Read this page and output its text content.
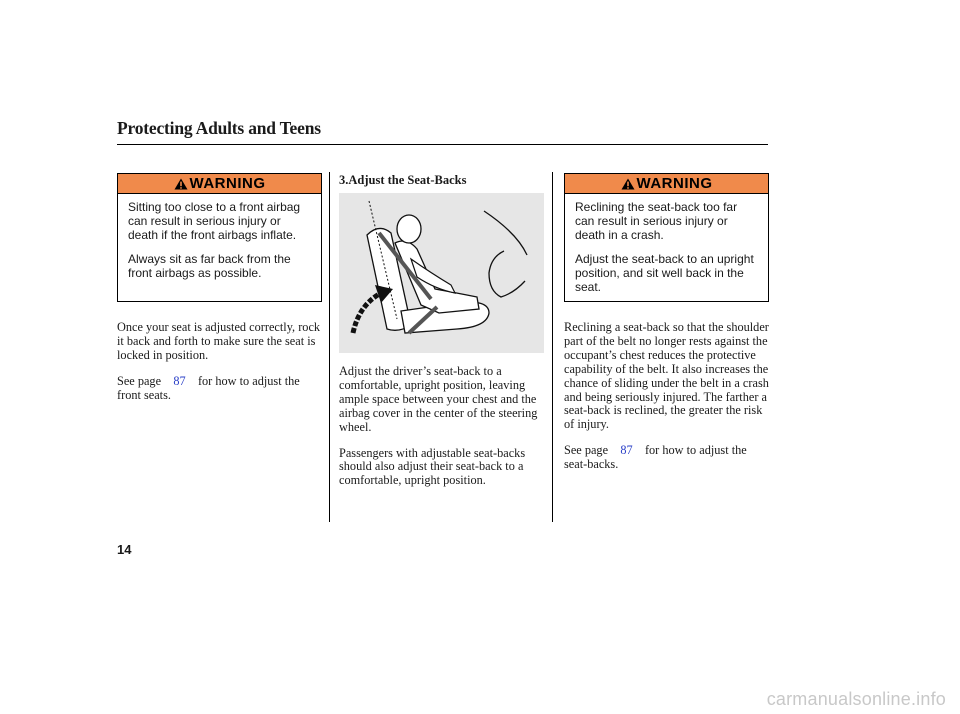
Protecting Adults and Teens
WARNING

Sitting too close to a front airbag can result in serious injury or death if the front airbags inflate.

Always sit as far back from the front airbags as possible.

Once your seat is adjusted correctly, rock it back and forth to make sure the seat is locked in position.

See page 87 for how to adjust the front seats.

3.Adjust the Seat-Backs

Adjust the driver’s seat-back to a comfortable, upright position, leaving ample space between your chest and the airbag cover in the center of the steering wheel.

Passengers with adjustable seat-backs should also adjust their seat-back to a comfortable, upright position.

WARNING

Reclining the seat-back too far can result in serious injury or death in a crash.

Adjust the seat-back to an upright position, and sit well back in the seat.

Reclining a seat-back so that the shoulder part of the belt no longer rests against the occupant’s chest reduces the protective capability of the belt. It also increases the chance of sliding under the belt in a crash and being seriously injured. The farther a seat-back is reclined, the greater the risk of injury.

See page 87 for how to adjust the seat-backs.

14
carmanualsonline.info
